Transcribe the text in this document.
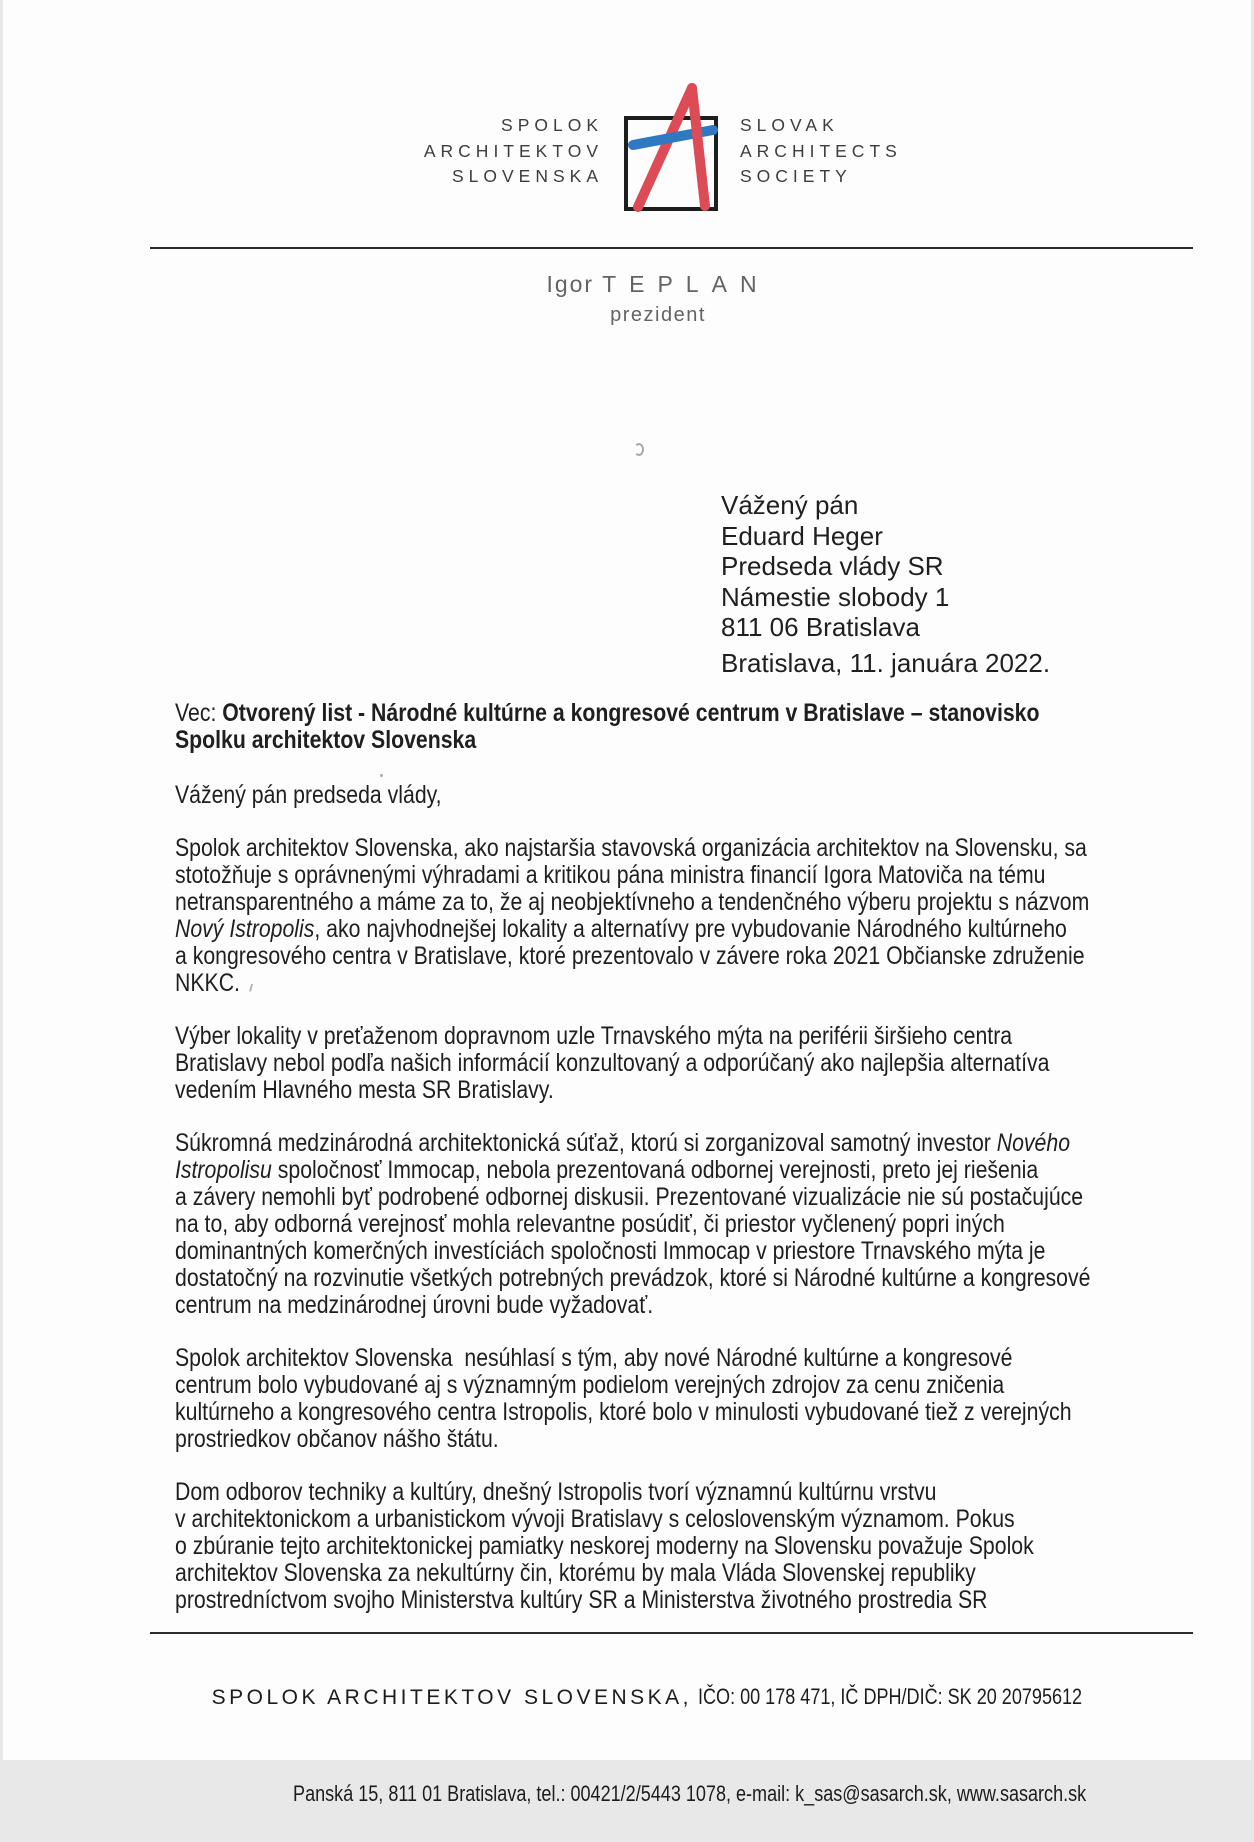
SPOLOK
ARCHITEKTOV
SLOVENSKA
SLOVAK
ARCHITECTS
SOCIETY
Igor TEPLAN
prezident
Vážený pán
Eduard Heger
Predseda vlády SR
Námestie slobody 1
811 06 Bratislava
Bratislava, 11. januára 2022.
Vec: Otvorený list - Národné kultúrne a kongresové centrum v Bratislave – stanovisko
Spolku architektov Slovenska
Vážený pán predseda vlády,
Spolok architektov Slovenska, ako najstaršia stavovská organizácia architektov na Slovensku, sa
stotožňuje s oprávnenými výhradami a kritikou pána ministra financií Igora Matoviča na tému
netransparentného a máme za to, že aj neobjektívneho a tendenčného výberu projektu s názvom
Nový Istropolis, ako najvhodnejšej lokality a alternatívy pre vybudovanie Národného kultúrneho
a kongresového centra v Bratislave, ktoré prezentovalo v závere roka 2021 Občianske združenie
NKKC.
Výber lokality v preťaženom dopravnom uzle Trnavského mýta na periférii širšieho centra
Bratislavy nebol podľa našich informácií konzultovaný a odporúčaný ako najlepšia alternatíva
vedením Hlavného mesta SR Bratislavy.
Súkromná medzinárodná architektonická súťaž, ktorú si zorganizoval samotný investor Nového
Istropolisu spoločnosť Immocap, nebola prezentovaná odbornej verejnosti, preto jej riešenia
a závery nemohli byť podrobené odbornej diskusii. Prezentované vizualizácie nie sú postačujúce
na to, aby odborná verejnosť mohla relevantne posúdiť, či priestor vyčlenený popri iných
dominantných komerčných investíciách spoločnosti Immocap v priestore Trnavského mýta je
dostatočný na rozvinutie všetkých potrebných prevádzok, ktoré si Národné kultúrne a kongresové
centrum na medzinárodnej úrovni bude vyžadovať.
Spolok architektov Slovenska  nesúhlasí s tým, aby nové Národné kultúrne a kongresové
centrum bolo vybudované aj s významným podielom verejných zdrojov za cenu zničenia
kultúrneho a kongresového centra Istropolis, ktoré bolo v minulosti vybudované tiež z verejných
prostriedkov občanov nášho štátu.
Dom odborov techniky a kultúry, dnešný Istropolis tvorí významnú kultúrnu vrstvu
v architektonickom a urbanistickom vývoji Bratislavy s celoslovenským významom. Pokus
o zbúranie tejto architektonickej pamiatky neskorej moderny na Slovensku považuje Spolok
architektov Slovenska za nekultúrny čin, ktorému by mala Vláda Slovenskej republiky
prostredníctvom svojho Ministerstva kultúry SR a Ministerstva životného prostredia SR

SPOLOK ARCHITEKTOV SLOVENSKA, IČO: 00 178 471, IČ DPH/DIČ: SK 20 20795612

Panská 15, 811 01 Bratislava, tel.: 00421/2/5443 1078, e-mail: k_sas@sasarch.sk, www.sasarch.sk
